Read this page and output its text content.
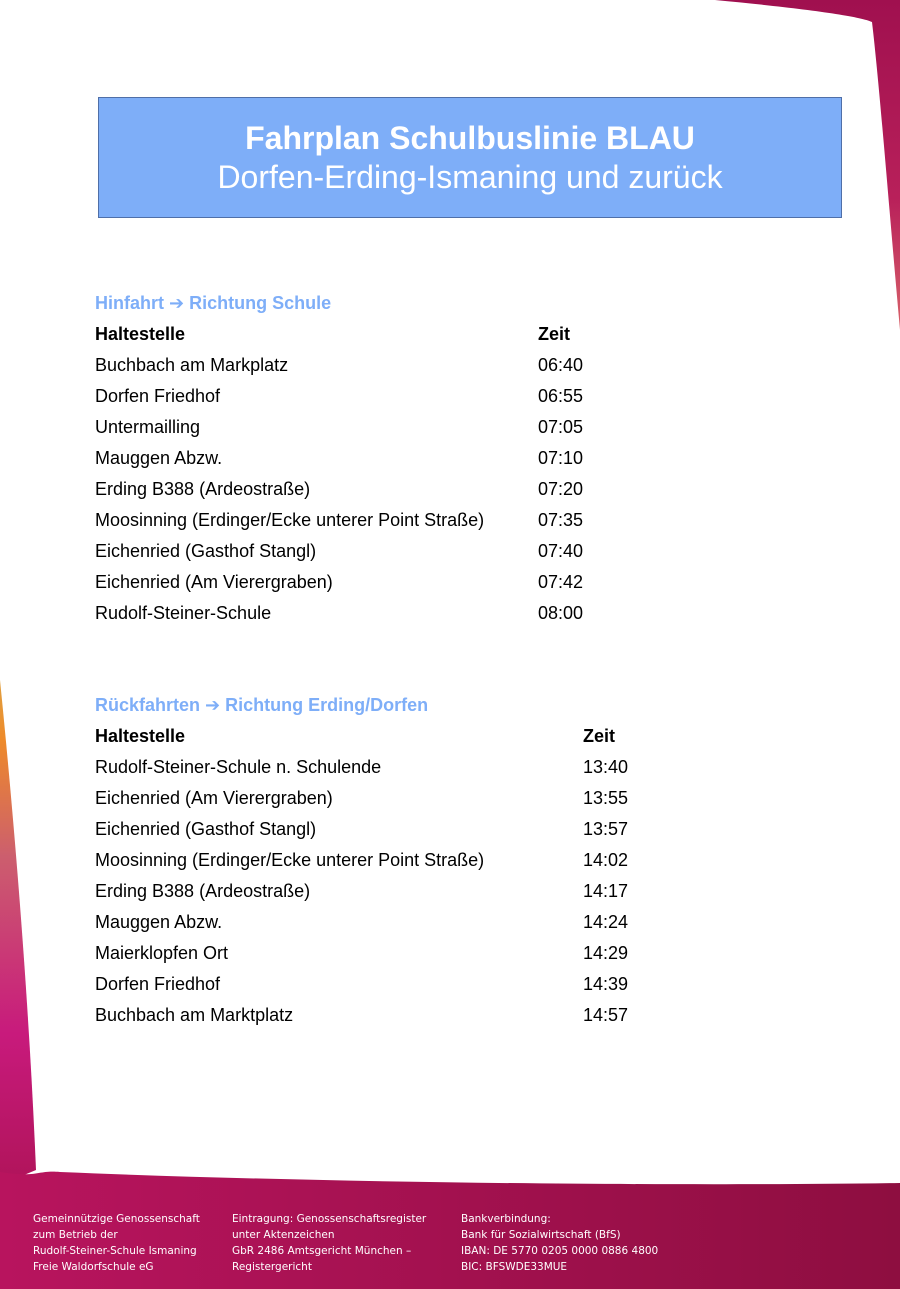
Fahrplan Schulbuslinie BLAU
Dorfen-Erding-Ismaning und zurück
Hinfahrt ➔ Richtung Schule
Haltestelle	Zeit
Buchbach am Markplatz	06:40
Dorfen Friedhof	06:55
Untermailling	07:05
Mauggen Abzw.	07:10
Erding B388 (Ardeostraße)	07:20
Moosinning (Erdinger/Ecke unterer Point Straße)	07:35
Eichenried (Gasthof Stangl)	07:40
Eichenried (Am Vierergraben)	07:42
Rudolf-Steiner-Schule	08:00
Rückfahrten ➔ Richtung Erding/Dorfen
Haltestelle	Zeit
Rudolf-Steiner-Schule n. Schulende	13:40
Eichenried (Am Vierergraben)	13:55
Eichenried (Gasthof Stangl)	13:57
Moosinning (Erdinger/Ecke unterer Point Straße)	14:02
Erding B388 (Ardeostraße)	14:17
Mauggen Abzw.	14:24
Maierklopfen Ort	14:29
Dorfen Friedhof	14:39
Buchbach am Marktplatz	14:57
Gemeinnützige Genossenschaft
zum Betrieb der
Rudolf-Steiner-Schule Ismaning
Freie Waldorfschule eG
Eintragung: Genossenschaftsregister
unter Aktenzeichen
GbR 2486 Amtsgericht München –
Registergericht
Bankverbindung:
Bank für Sozialwirtschaft (BfS)
IBAN: DE 5770 0205 0000 0886 4800
BIC: BFSWDE33MUE
